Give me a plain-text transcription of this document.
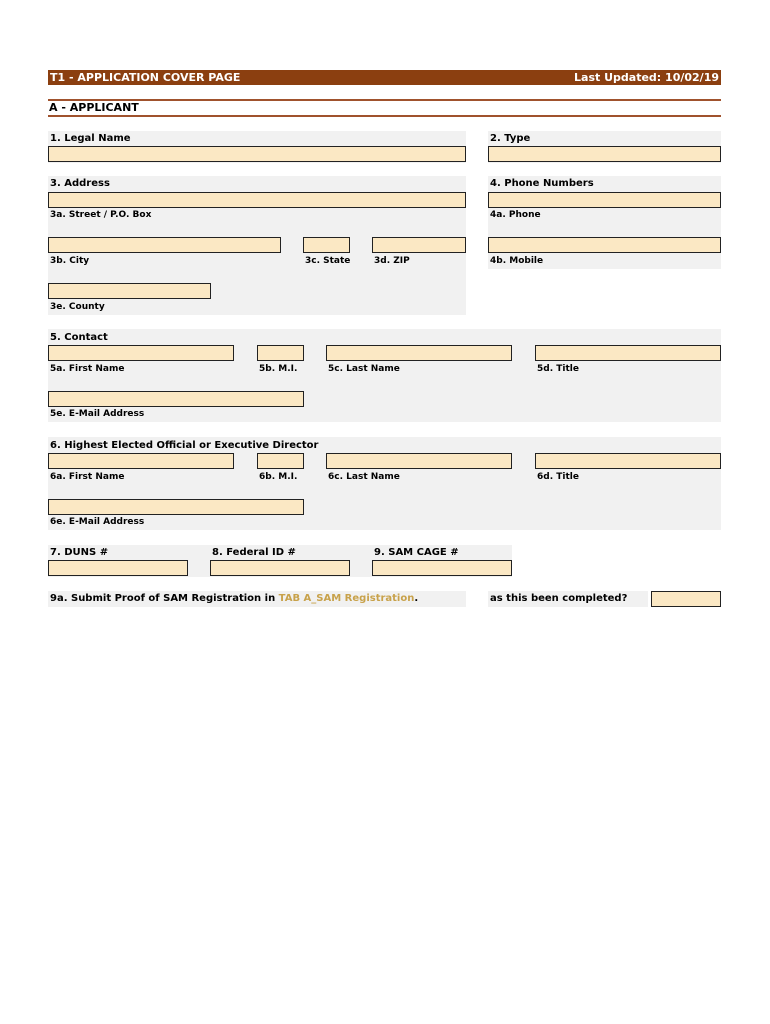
T1 - APPLICATION COVER PAGE	Last Updated: 10/02/19
A - APPLICANT
1. Legal Name	2. Type
3. Address
3a. Street / P.O. Box
3b. City	3c. State	3d. ZIP
3e. County
4. Phone Numbers
4a. Phone
4b. Mobile
5. Contact
5a. First Name	5b. M.I.	5c. Last Name	5d. Title
5e. E-Mail Address
6. Highest Elected Official or Executive Director
6a. First Name	6b. M.I.	6c. Last Name	6d. Title
6e. E-Mail Address
7. DUNS #	8. Federal ID #	9. SAM CAGE #
9a. Submit Proof of SAM Registration in TAB A_SAM Registration.	as this been completed?
